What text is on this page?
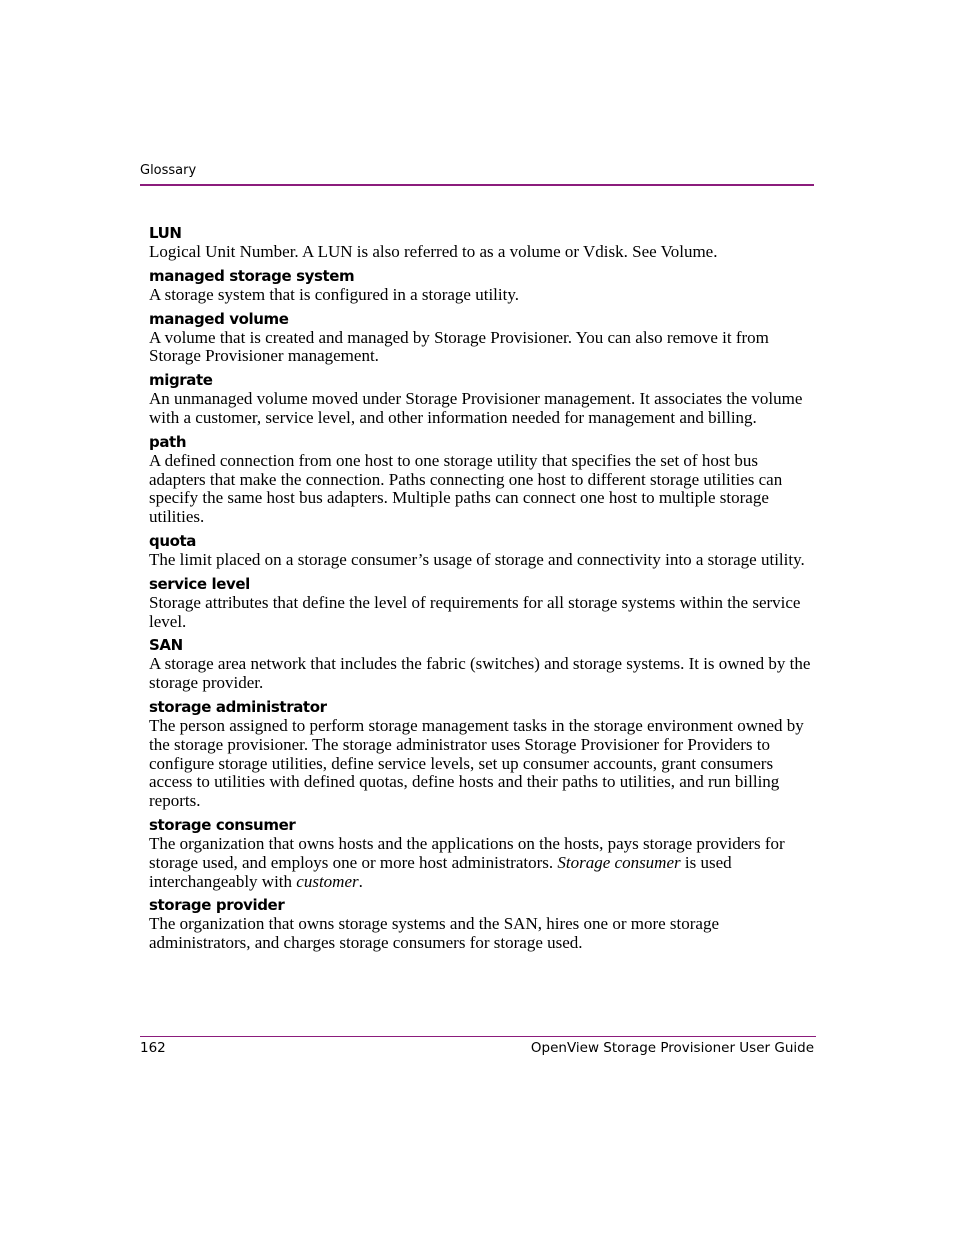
Glossary
LUN
Logical Unit Number. A LUN is also referred to as a volume or Vdisk. See Volume.
managed storage system
A storage system that is configured in a storage utility.
managed volume
A volume that is created and managed by Storage Provisioner. You can also remove it from Storage Provisioner management.
migrate
An unmanaged volume moved under Storage Provisioner management. It associates the volume with a customer, service level, and other information needed for management and billing.
path
A defined connection from one host to one storage utility that specifies the set of host bus adapters that make the connection. Paths connecting one host to different storage utilities can specify the same host bus adapters. Multiple paths can connect one host to multiple storage utilities.
quota
The limit placed on a storage consumer’s usage of storage and connectivity into a storage utility.
service level
Storage attributes that define the level of requirements for all storage systems within the service level.
SAN
A storage area network that includes the fabric (switches) and storage systems. It is owned by the storage provider.
storage administrator
The person assigned to perform storage management tasks in the storage environment owned by the storage provisioner. The storage administrator uses Storage Provisioner for Providers to configure storage utilities, define service levels, set up consumer accounts, grant consumers access to utilities with defined quotas, define hosts and their paths to utilities, and run billing reports.
storage consumer
The organization that owns hosts and the applications on the hosts, pays storage providers for storage used, and employs one or more host administrators. Storage consumer is used interchangeably with customer.
storage provider
The organization that owns storage systems and the SAN, hires one or more storage administrators, and charges storage consumers for storage used.
162	OpenView Storage Provisioner User Guide
